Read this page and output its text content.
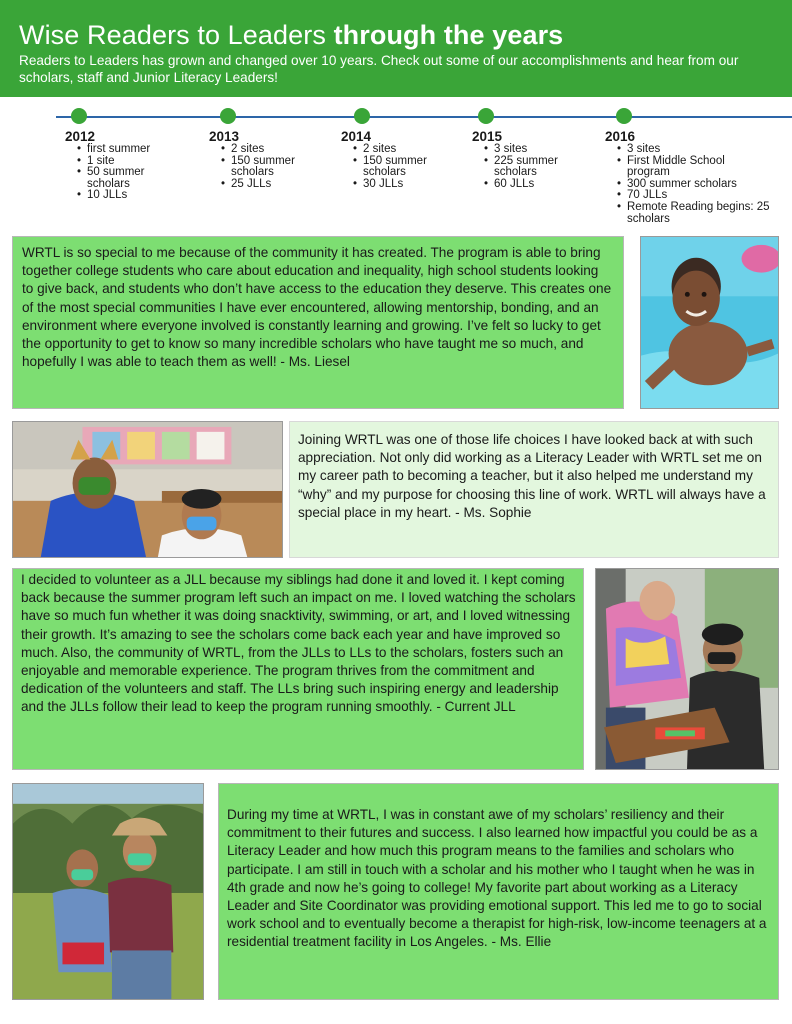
Wise Readers to Leaders through the years

Readers to Leaders has grown and changed over 10 years. Check out some of our accomplishments and hear from our scholars, staff and Junior Literacy Leaders!

2012
• first summer
• 1 site
• 50 summer scholars
• 10 JLLs
2013
• 2 sites
• 150 summer scholars
• 25 JLLs
2014
• 2 sites
• 150 summer scholars
• 30 JLLs
2015
• 3 sites
• 225 summer scholars
• 60 JLLs
2016
• 3 sites
• First Middle School program
• 300 summer scholars
• 70 JLLs
• Remote Reading begins: 25 scholars

WRTL is so special to me because of the community it has created. The program is able to bring together college students who care about education and inequality, high school students looking to give back, and students who don’t have access to the education they deserve. This creates one of the most special communities I have ever encountered, allowing mentorship, bonding, and an environment where everyone involved is constantly learning and growing. I’ve felt so lucky to get the opportunity to get to know so many incredible scholars who have taught me so much, and hopefully I was able to teach them as well! - Ms. Liesel

Joining WRTL was one of those life choices I have looked back at with such appreciation. Not only did working as a Literacy Leader with WRTL set me on my career path to becoming a teacher, but it also helped me understand my “why” and my purpose for choosing this line of work. WRTL will always have a special place in my heart. - Ms. Sophie

I decided to volunteer as a JLL because my siblings had done it and loved it. I kept coming back because the summer program left such an impact on me. I loved watching the scholars have so much fun whether it was doing snacktivity, swimming, or art, and I loved witnessing their growth. It’s amazing to see the scholars come back each year and have improved so much. Also, the community of WRTL, from the JLLs to LLs to the scholars, fosters such an enjoyable and memorable experience. The program thrives from the commitment and dedication of the volunteers and staff. The LLs bring such inspiring energy and leadership and the JLLs follow their lead to keep the program running smoothly. - Current JLL

During my time at WRTL, I was in constant awe of my scholars’ resiliency and their commitment to their futures and success. I also learned how impactful you could be as a Literacy Leader and how much this program means to the families and scholars who participate. I am still in touch with a scholar and his mother who I taught when he was in 4th grade and now he’s going to college! My favorite part about working as a Literacy Leader and Site Coordinator was providing emotional support. This led me to go to social work school and to eventually become a therapist for high-risk, low-income teenagers at a residential treatment facility in Los Angeles. - Ms. Ellie
